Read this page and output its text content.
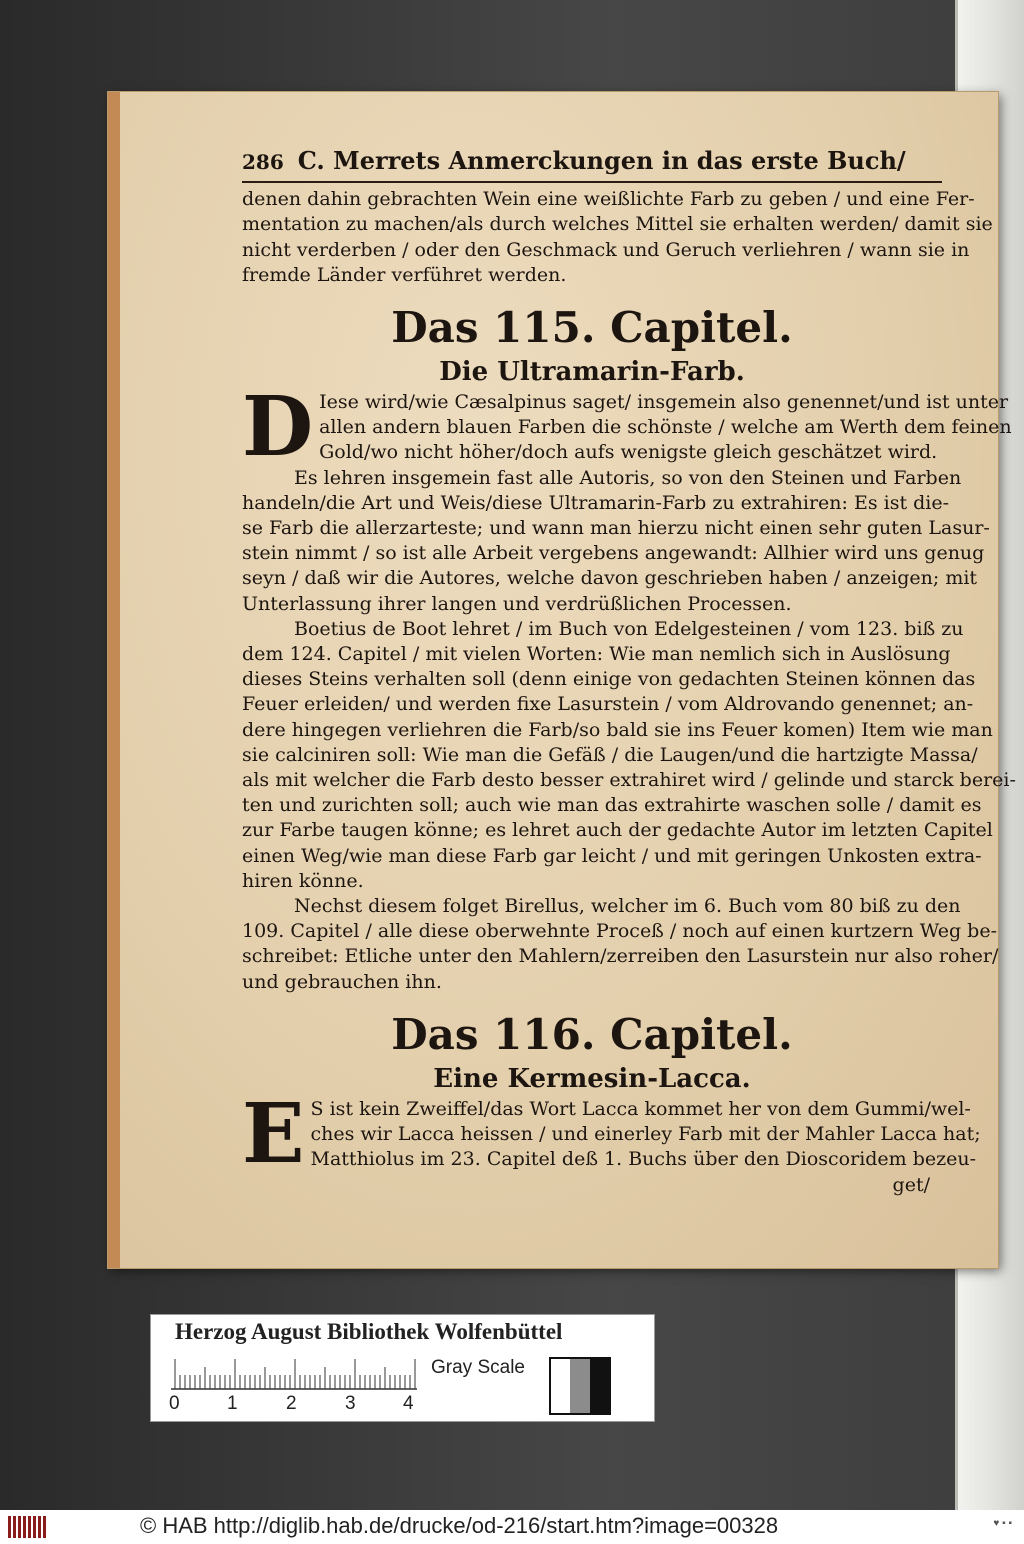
286 C. Merrets Anmerckungen in das erste Buch/
denen dahin gebrachten Wein eine weißlichte Farb zu geben / und eine Fer-
mentation zu machen/als durch welches Mittel sie erhalten werden/ damit sie
nicht verderben / oder den Geschmack und Geruch verliehren / wann sie in
fremde Länder verführet werden.
Das 115. Capitel.
Die Ultramarin-Farb.
D Iese wird/wie Cæsalpinus saget/ insgemein also genennet/und ist unter
allen andern blauen Farben die schönste / welche am Werth dem feinen
Gold/wo nicht höher/doch aufs wenigste gleich geschätzet wird.
Es lehren insgemein fast alle Autoris, so von den Steinen und Farben
handeln/die Art und Weis/diese Ultramarin-Farb zu extrahiren: Es ist die-
se Farb die allerzarteste; und wann man hierzu nicht einen sehr guten Lasur-
stein nimmt / so ist alle Arbeit vergebens angewandt: Allhier wird uns genug
seyn / daß wir die Autores, welche davon geschrieben haben / anzeigen; mit
Unterlassung ihrer langen und verdrüßlichen Processen.
Boetius de Boot lehret / im Buch von Edelgesteinen / vom 123. biß zu
dem 124. Capitel / mit vielen Worten: Wie man nemlich sich in Auslösung
dieses Steins verhalten soll (denn einige von gedachten Steinen können das
Feuer erleiden/ und werden fixe Lasurstein / vom Aldrovando genennet; an-
dere hingegen verliehren die Farb/so bald sie ins Feuer komen) Item wie man
sie calciniren soll: Wie man die Gefäß / die Laugen/und die hartzigte Massa/
als mit welcher die Farb desto besser extrahiret wird / gelinde und starck berei-
ten und zurichten soll; auch wie man das extrahirte waschen solle / damit es
zur Farbe taugen könne; es lehret auch der gedachte Autor im letzten Capitel
einen Weg/wie man diese Farb gar leicht / und mit geringen Unkosten extra-
hiren könne.
Nechst diesem folget Birellus, welcher im 6. Buch vom 80 biß zu den
109. Capitel / alle diese oberwehnte Proceß / noch auf einen kurtzern Weg be-
schreibet: Etliche unter den Mahlern/zerreiben den Lasurstein nur also roher/
und gebrauchen ihn.
Das 116. Capitel.
Eine Kermesin-Lacca.
E S ist kein Zweiffel/das Wort Lacca kommet her von dem Gummi/wel-
ches wir Lacca heissen / und einerley Farb mit der Mahler Lacca hat;
Matthiolus im 23. Capitel deß 1. Buchs über den Dioscoridem bezeu-
get/
Herzog August Bibliothek Wolfenbüttel
0 1	2	3 4
Gray Scale
© HAB http://diglib.hab.de/drucke/od-216/start.htm?image=00328	♥ ▪ ▪
